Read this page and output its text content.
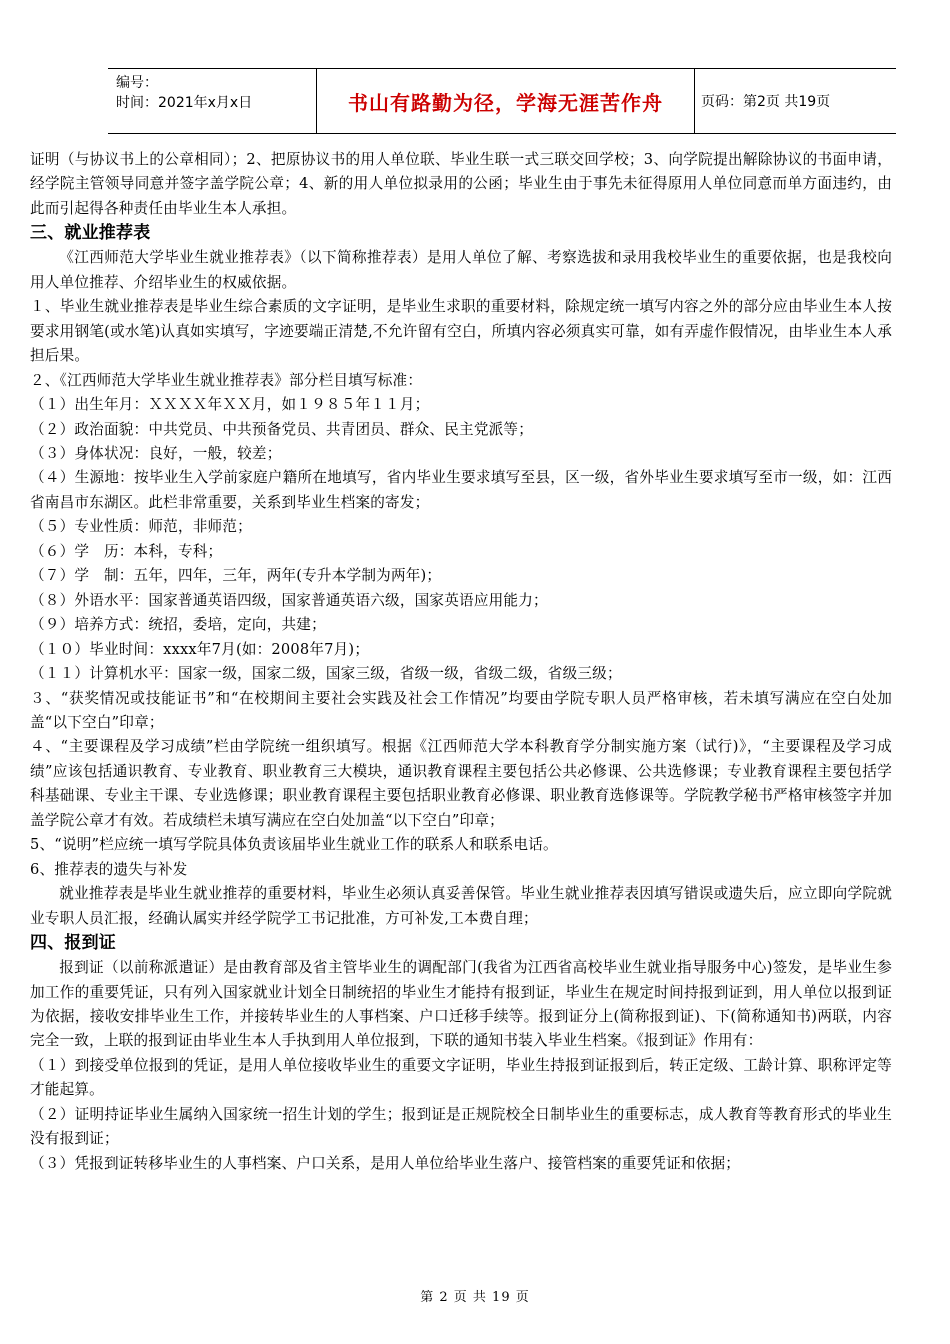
编号：
时间：2021年x月x日	书山有路勤为径，学海无涯苦作舟	页码：第2页 共19页

证明（与协议书上的公章相同）；2、把原协议书的用人单位联、毕业生联一式三联交回学校；3、向学院提出解除协议的书面申请，经学院主管领导同意并签字盖学院公章；4、新的用人单位拟录用的公函；毕业生由于事先未征得原用人单位同意而单方面违约，由此而引起得各种责任由毕业生本人承担。

三、就业推荐表

《江西师范大学毕业生就业推荐表》（以下简称推荐表）是用人单位了解、考察选拔和录用我校毕业生的重要依据，也是我校向用人单位推荐、介绍毕业生的权威依据。

１、毕业生就业推荐表是毕业生综合素质的文字证明，是毕业生求职的重要材料，除规定统一填写内容之外的部分应由毕业生本人按要求用钢笔(或水笔)认真如实填写，字迹要端正清楚,不允许留有空白，所填内容必须真实可靠，如有弄虚作假情况，由毕业生本人承担后果。

２、《江西师范大学毕业生就业推荐表》部分栏目填写标准：

（１）出生年月：ＸＸＸＸ年ＸＸ月，如１９８５年１１月；

（２）政治面貌：中共党员、中共预备党员、共青团员、群众、民主党派等；

（３）身体状况：良好，一般，较差；

（４）生源地：按毕业生入学前家庭户籍所在地填写，省内毕业生要求填写至县，区一级，省外毕业生要求填写至市一级，如：江西省南昌市东湖区。此栏非常重要，关系到毕业生档案的寄发；

（５）专业性质：师范，非师范；

（６）学　历：本科，专科；

（７）学　制：五年，四年，三年，两年(专升本学制为两年)；

（８）外语水平：国家普通英语四级，国家普通英语六级，国家英语应用能力；

（９）培养方式：统招，委培，定向，共建；

（１０）毕业时间：xxxx年7月(如：2008年7月)；

（１１）计算机水平：国家一级，国家二级，国家三级，省级一级，省级二级，省级三级；

３、“获奖情况或技能证书”和“在校期间主要社会实践及社会工作情况”均要由学院专职人员严格审核，若未填写满应在空白处加盖“以下空白”印章；

４、“主要课程及学习成绩”栏由学院统一组织填写。根据《江西师范大学本科教育学分制实施方案（试行)》，“主要课程及学习成绩”应该包括通识教育、专业教育、职业教育三大模块，通识教育课程主要包括公共必修课、公共选修课；专业教育课程主要包括学科基础课、专业主干课、专业选修课；职业教育课程主要包括职业教育必修课、职业教育选修课等。学院教学秘书严格审核签字并加盖学院公章才有效。若成绩栏未填写满应在空白处加盖“以下空白”印章；

5、“说明”栏应统一填写学院具体负责该届毕业生就业工作的联系人和联系电话。

6、推荐表的遗失与补发

就业推荐表是毕业生就业推荐的重要材料，毕业生必须认真妥善保管。毕业生就业推荐表因填写错误或遗失后，应立即向学院就业专职人员汇报，经确认属实并经学院学工书记批准，方可补发,工本费自理；

四、报到证

报到证（以前称派遣证）是由教育部及省主管毕业生的调配部门(我省为江西省高校毕业生就业指导服务中心)签发，是毕业生参加工作的重要凭证，只有列入国家就业计划全日制统招的毕业生才能持有报到证，毕业生在规定时间持报到证到，用人单位以报到证为依据，接收安排毕业生工作，并接转毕业生的人事档案、户口迁移手续等。报到证分上(简称报到证)、下(简称通知书)两联，内容完全一致，上联的报到证由毕业生本人手执到用人单位报到，下联的通知书装入毕业生档案。《报到证》作用有：

（１）到接受单位报到的凭证，是用人单位接收毕业生的重要文字证明，毕业生持报到证报到后，转正定级、工龄计算、职称评定等才能起算。

（２）证明持证毕业生属纳入国家统一招生计划的学生；报到证是正规院校全日制毕业生的重要标志，成人教育等教育形式的毕业生没有报到证；

（３）凭报到证转移毕业生的人事档案、户口关系，是用人单位给毕业生落户、接管档案的重要凭证和依据；

第 2 页 共 19 页
